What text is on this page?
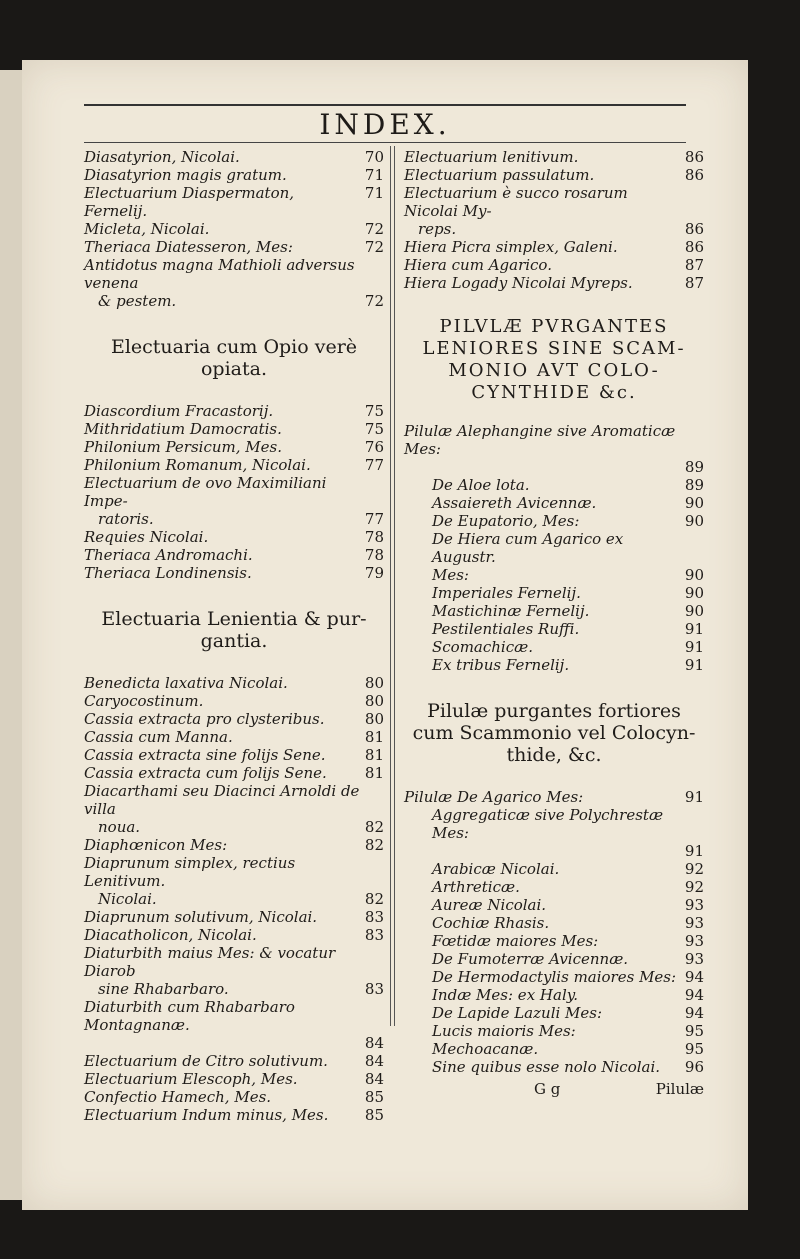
INDEX.
Diasatyrion, Nicolai.	70
Diasatyrion magis gratum.	71
Electuarium Diaspermaton, Fernelij.
71
Micleta, Nicolai.	72
Theriaca Diatesseron, Mes:	72
Antidotus magna Mathioli adversus venena
& pestem.	72
Electuaria cum Opio verè opiata.
Diascordium Fracastorij.	75
Mithridatium Damocratis.	75
Philonium Persicum, Mes.	76
Philonium Romanum, Nicolai.	77
Electuarium de ovo Maximiliani Impe-
ratoris.	77
Requies Nicolai.	78
Theriaca Andromachi.	78
Theriaca Londinensis.	79
Electuaria Lenientia & pur- gantia.
Benedicta laxativa Nicolai.	80
Caryocostinum.	80
Cassia extracta pro clysteribus.	80
Cassia cum Manna.	81
Cassia extracta sine folijs Sene.	81
Cassia extracta cum folijs Sene.	81
Diacarthami seu Diacinci Arnoldi de villa
noua.	82
Diaphœnicon Mes:	82
Diaprunum simplex, rectius Lenitivum.
Nicolai.	82
Diaprunum solutivum, Nicolai.	83
Diacatholicon, Nicolai.	83
Diaturbith maius Mes: & vocatur Diarob
sine Rhabarbaro.	83
Diaturbith cum Rhabarbaro Montagnanæ.
84
Electuarium de Citro solutivum.	84
Electuarium Elescoph, Mes.	84
Confectio Hamech, Mes.	85
Electuarium Indum minus, Mes.	85
Electuarium lenitivum.	86
Electuarium passulatum.	86
Electuarium è succo rosarum Nicolai My-
reps.	86
Hiera Picra simplex, Galeni.	86
Hiera cum Agarico.	87
Hiera Logady Nicolai Myreps.	87
PILVLÆ PVRGANTES LENIORES SINE SCAM- MONIO AVT COLO- CYNTHIDE &c.
Pilulæ Alephangine sive Aromaticæ Mes:
89
De Aloe lota.	89
Assaiereth Avicennæ.	90
De Eupatorio, Mes:	90
De Hiera cum Agarico ex Augustr.
Mes:	90
Imperiales Fernelij.	90
Mastichinæ Fernelij.	90
Pestilentiales Ruffi.	91
Scomachicæ.	91
Ex tribus Fernelij.	91
Pilulæ purgantes fortiores cum Scammonio vel Colocyn- thide, &c.
Pilulæ De Agarico Mes:	91
Aggregaticæ sive Polychrestæ Mes:
91
Arabicæ Nicolai.	92
Arthreticæ.	92
Aureæ Nicolai.	93
Cochiæ Rhasis.	93
Fœtidæ maiores Mes:	93
De Fumoterræ Avicennæ.	93
De Hermodactylis maiores Mes: 94
Indæ Mes: ex Haly.	94
De Lapide Lazuli Mes:	94
Lucis maioris Mes:	95
Mechoacanæ.	95
Sine quibus esse nolo Nicolai.	96
G g	Pilulæ
